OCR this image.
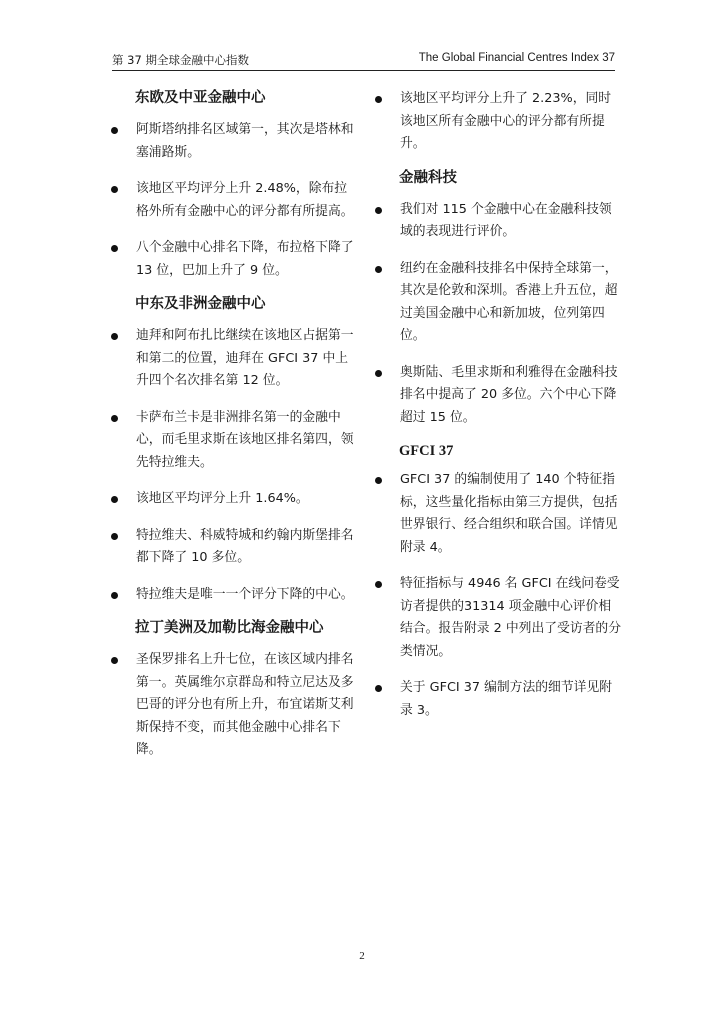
第 37 期全球金融中心指数	The Global Financial Centres Index 37
东欧及中亚金融中心
阿斯塔纳排名区域第一，其次是塔林和塞浦路斯。
该地区平均评分上升 2.48%，除布拉格外所有金融中心的评分都有所提高。
八个金融中心排名下降，布拉格下降了 13 位，巴加上升了 9 位。
中东及非洲金融中心
迪拜和阿布扎比继续在该地区占据第一和第二的位置，迪拜在 GFCI 37 中上升四个名次排名第 12 位。
卡萨布兰卡是非洲排名第一的金融中心，而毛里求斯在该地区排名第四，领先特拉维夫。
该地区平均评分上升 1.64%。
特拉维夫、科威特城和约翰内斯堡排名都下降了 10 多位。
特拉维夫是唯一一个评分下降的中心。
拉丁美洲及加勒比海金融中心
圣保罗排名上升七位，在该区域内排名第一。英属维尔京群岛和特立尼达及多巴哥的评分也有所上升，布宜诺斯艾利斯保持不变，而其他金融中心排名下降。
该地区平均评分上升了 2.23%，同时该地区所有金融中心的评分都有所提升。
金融科技
我们对 115 个金融中心在金融科技领域的表现进行评价。
纽约在金融科技排名中保持全球第一，其次是伦敦和深圳。香港上升五位，超过美国金融中心和新加坡，位列第四位。
奥斯陆、毛里求斯和利雅得在金融科技排名中提高了 20 多位。六个中心下降超过 15 位。
GFCI 37
GFCI 37 的编制使用了 140 个特征指标，这些量化指标由第三方提供，包括世界银行、经合组织和联合国。详情见附录 4。
特征指标与 4946 名 GFCI 在线问卷受访者提供的31314 项金融中心评价相结合。报告附录 2 中列出了受访者的分类情况。
关于 GFCI 37 编制方法的细节详见附录 3。
2
